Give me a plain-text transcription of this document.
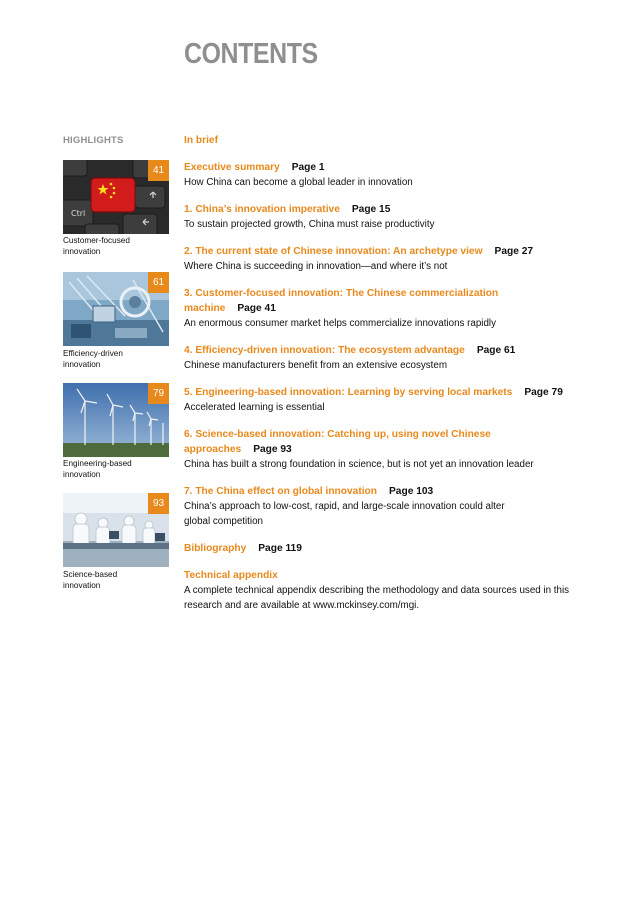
CONTENTS
HIGHLIGHTS
Ctrl
41
Customer-focused
innovation
61
Efficiency-driven
innovation
79
Engineering-based
innovation
93
Science-based
innovation
In brief
Executive summary Page 1
How China can become a global leader in innovation
1. China’s innovation imperative Page 15
To sustain projected growth, China must raise productivity
2. The current state of Chinese innovation: An archetype view Page 27
Where China is succeeding in innovation—and where it’s not
3. Customer-focused innovation: The Chinese commercialization
machine Page 41
An enormous consumer market helps commercialize innovations rapidly
4. Efficiency-driven innovation: The ecosystem advantage Page 61
Chinese manufacturers benefit from an extensive ecosystem
5. Engineering-based innovation: Learning by serving local markets Page 79
Accelerated learning is essential
6. Science-based innovation: Catching up, using novel Chinese
approaches Page 93
China has built a strong foundation in science, but is not yet an innovation leader
7. The China effect on global innovation Page 103
China’s approach to low-cost, rapid, and large-scale innovation could alter
global competition
Bibliography Page 119
Technical appendix
A complete technical appendix describing the methodology and data sources used in this
research and are available at www.mckinsey.com/mgi.
